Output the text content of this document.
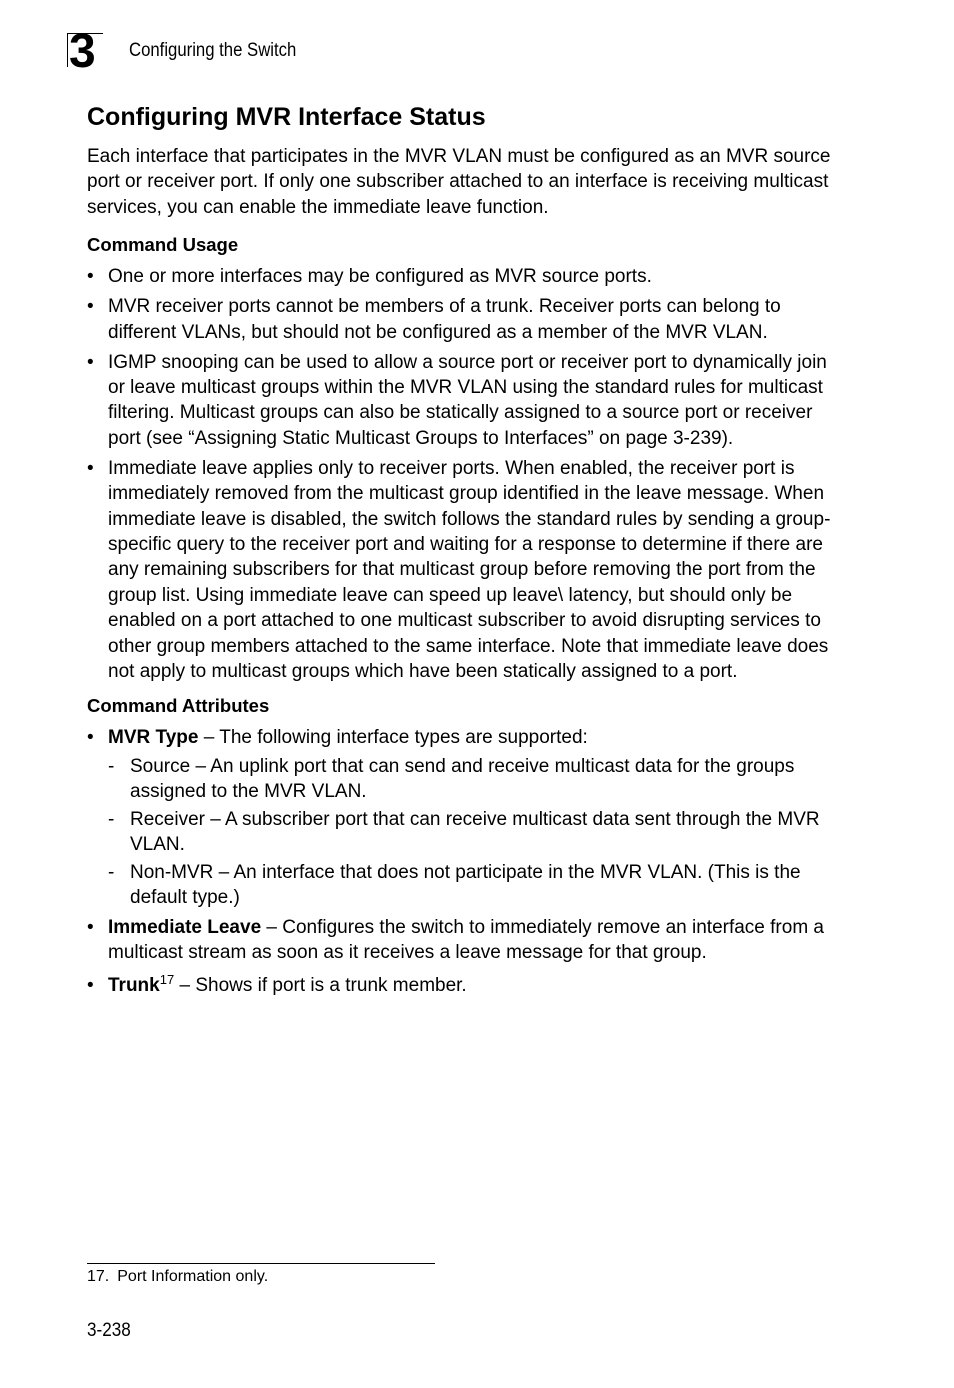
3 Configuring the Switch
Configuring MVR Interface Status

Each interface that participates in the MVR VLAN must be configured as an MVR source port or receiver port. If only one subscriber attached to an interface is receiving multicast services, you can enable the immediate leave function.

Command Usage
• One or more interfaces may be configured as MVR source ports.
• MVR receiver ports cannot be members of a trunk. Receiver ports can belong to different VLANs, but should not be configured as a member of the MVR VLAN.
• IGMP snooping can be used to allow a source port or receiver port to dynamically join or leave multicast groups within the MVR VLAN using the standard rules for multicast filtering. Multicast groups can also be statically assigned to a source port or receiver port (see “Assigning Static Multicast Groups to Interfaces” on page 3-239).
• Immediate leave applies only to receiver ports. When enabled, the receiver port is immediately removed from the multicast group identified in the leave message. When immediate leave is disabled, the switch follows the standard rules by sending a group-specific query to the receiver port and waiting for a response to determine if there are any remaining subscribers for that multicast group before removing the port from the group list. Using immediate leave can speed up leave\ latency, but should only be enabled on a port attached to one multicast subscriber to avoid disrupting services to other group members attached to the same interface. Note that immediate leave does not apply to multicast groups which have been statically assigned to a port.
Command Attributes
• MVR Type – The following interface types are supported:
- Source – An uplink port that can send and receive multicast data for the groups assigned to the MVR VLAN.
- Receiver – A subscriber port that can receive multicast data sent through the MVR VLAN.
- Non-MVR – An interface that does not participate in the MVR VLAN. (This is the default type.)
• Immediate Leave – Configures the switch to immediately remove an interface from a multicast stream as soon as it receives a leave message for that group.
• Trunk$^{17}$ – Shows if port is a trunk member.
17. Port Information only.
3-238
